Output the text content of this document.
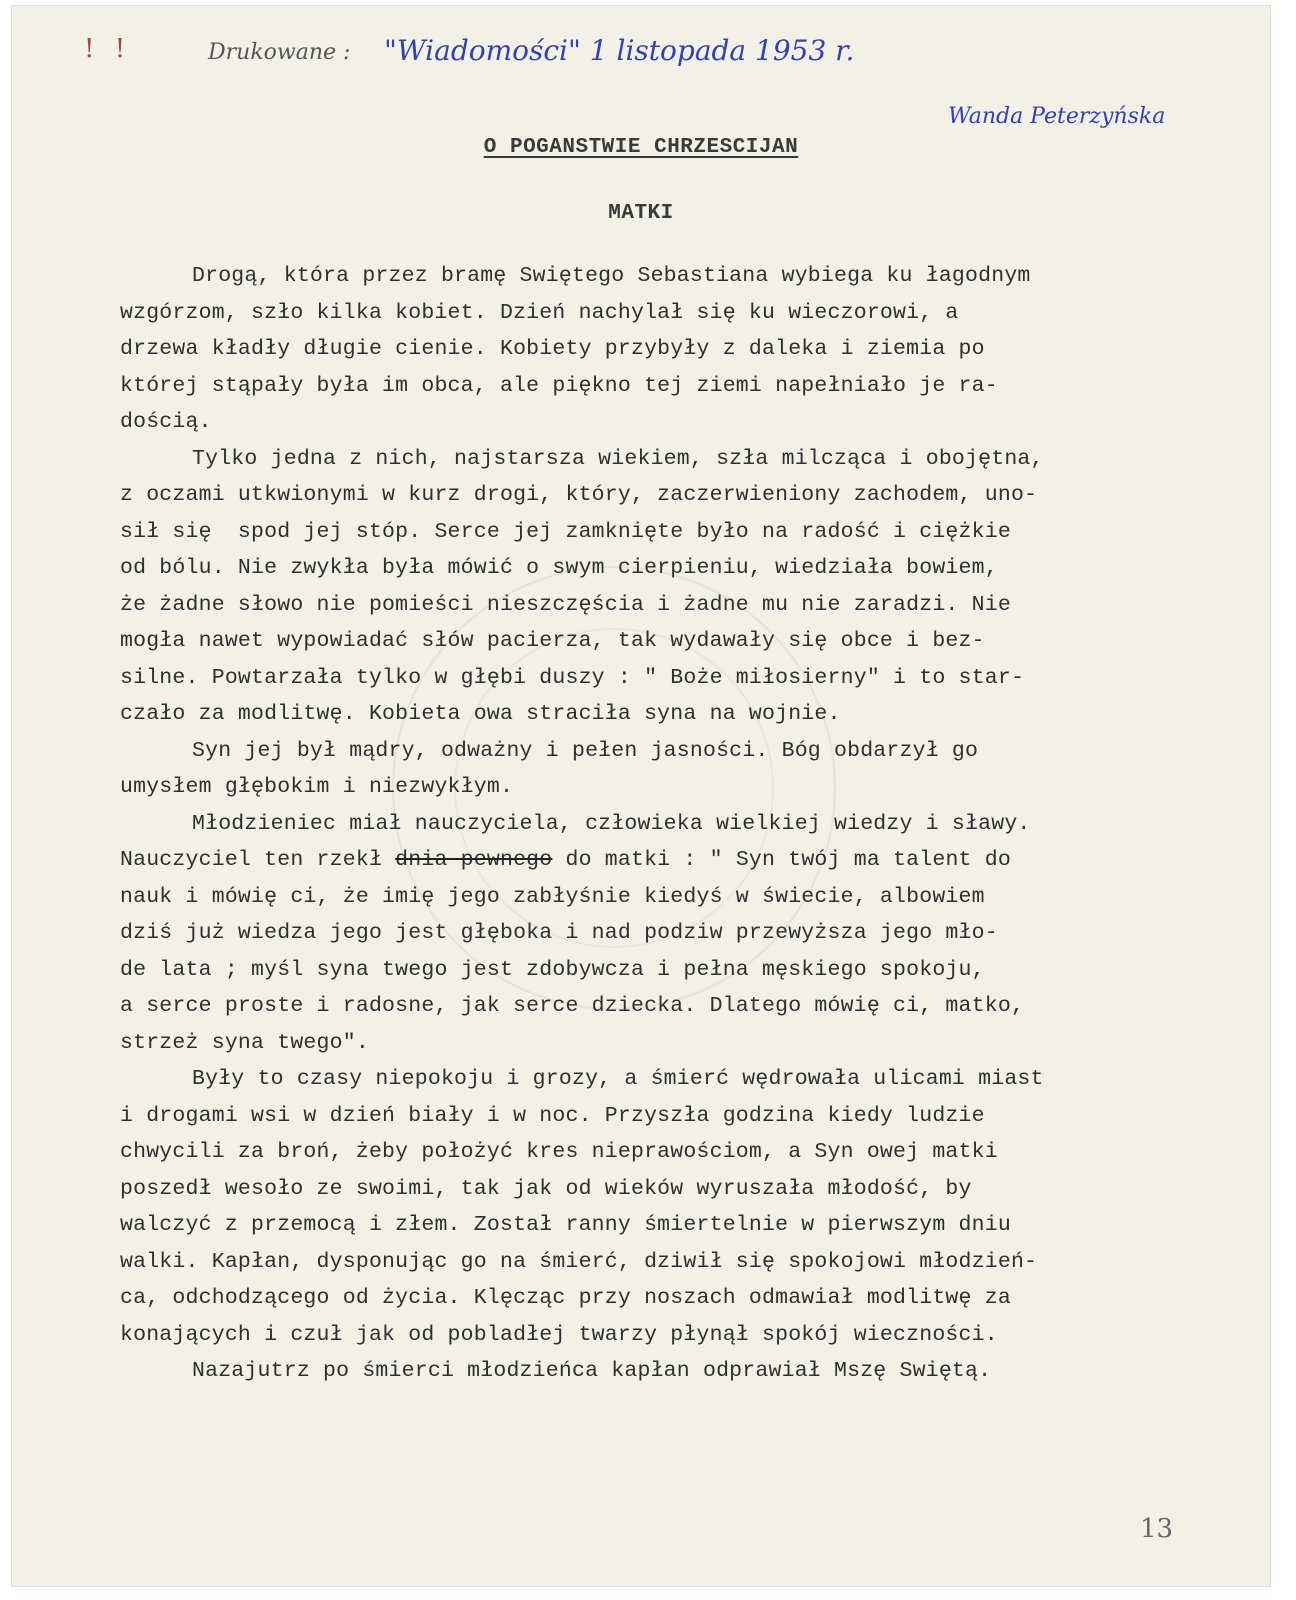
! !	Drukowane : "Wiadomości" 1 listopada 1953 r.
Wanda Peterzyńska
O POGANSTWIE CHRZESCIJAN
MATKI
Drogą, która przez bramę Swiętego Sebastiana wybiega ku łagodnym
wzgórzom, szło kilka kobiet. Dzień nachylał się ku wieczorowi, a
drzewa kładły długie cienie. Kobiety przybyły z daleka i ziemia po
której stąpały była im obca, ale piękno tej ziemi napełniało je ra-
dością.
Tylko jedna z nich, najstarsza wiekiem, szła milcząca i obojętna,
z oczami utkwionymi w kurz drogi, który, zaczerwieniony zachodem, uno-
sił się  spod jej stóp. Serce jej zamknięte było na radość i ciężkie
od bólu. Nie zwykła była mówić o swym cierpieniu, wiedziała bowiem,
że żadne słowo nie pomieści nieszczęścia i żadne mu nie zaradzi. Nie
mogła nawet wypowiadać słów pacierza, tak wydawały się obce i bez-
silne. Powtarzała tylko w głębi duszy : " Boże miłosierny" i to star-
czało za modlitwę. Kobieta owa straciła syna na wojnie.
Syn jej był mądry, odważny i pełen jasności. Bóg obdarzył go
umysłem głębokim i niezwykłym.
Młodzieniec miał nauczyciela, człowieka wielkiej wiedzy i sławy.
Nauczyciel ten rzekł dnia pewnego do matki : " Syn twój ma talent do
nauk i mówię ci, że imię jego zabłyśnie kiedyś w świecie, albowiem
dziś już wiedza jego jest głęboka i nad podziw przewyższa jego mło-
de lata ; myśl syna twego jest zdobywcza i pełna męskiego spokoju,
a serce proste i radosne, jak serce dziecka. Dlatego mówię ci, matko,
strzeż syna twego".
Były to czasy niepokoju i grozy, a śmierć wędrowała ulicami miast
i drogami wsi w dzień biały i w noc. Przyszła godzina kiedy ludzie
chwycili za broń, żeby położyć kres nieprawościom, a Syn owej matki
poszedł wesoło ze swoimi, tak jak od wieków wyruszała młodość, by
walczyć z przemocą i złem. Został ranny śmiertelnie w pierwszym dniu
walki. Kapłan, dysponując go na śmierć, dziwił się spokojowi młodzień-
ca, odchodzącego od życia. Klęcząc przy noszach odmawiał modlitwę za
konających i czuł jak od pobladłej twarzy płynął spokój wieczności.
Nazajutrz po śmierci młodzieńca kapłan odprawiał Mszę Swiętą.
13
